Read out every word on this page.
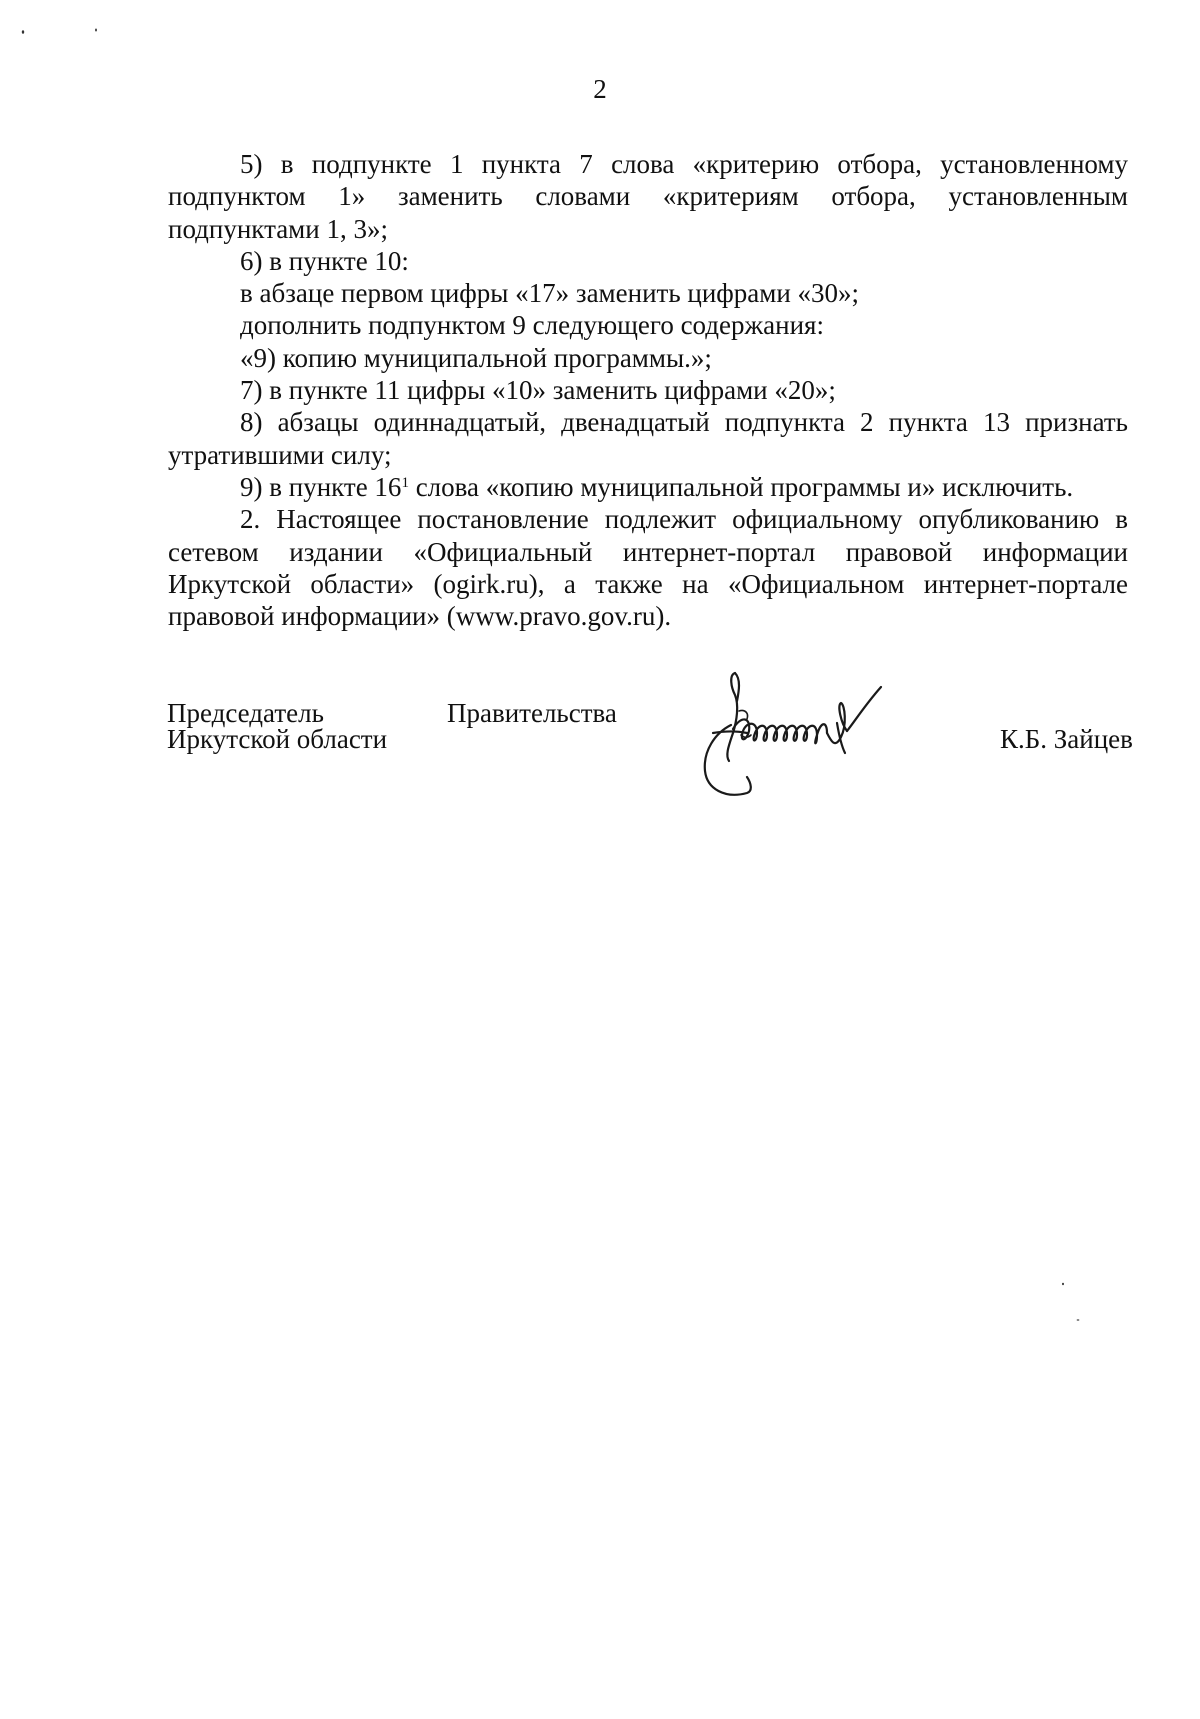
2

5) в подпункте 1 пункта 7 слова «критерию отбора, установленному подпунктом 1» заменить словами «критериям отбора, установленным подпунктами 1, 3»;

6) в пункте 10:

в абзаце первом цифры «17» заменить цифрами «30»;

дополнить подпунктом 9 следующего содержания:

«9) копию муниципальной программы.»;

7) в пункте 11 цифры «10» заменить цифрами «20»;

8) абзацы одиннадцатый, двенадцатый подпункта 2 пункта 13 признать утратившими силу;

9) в пункте $16^1$ слова «копию муниципальной программы и» исключить.

2. Настоящее постановление подлежит официальному опубликованию в сетевом издании «Официальный интернет-портал правовой информации Иркутской области» (ogirk.ru), а также на «Официальном интернет-портале правовой информации» (www.pravo.gov.ru).

Председатель
Иркутской области
Правительства
К.Б. Зайцев
